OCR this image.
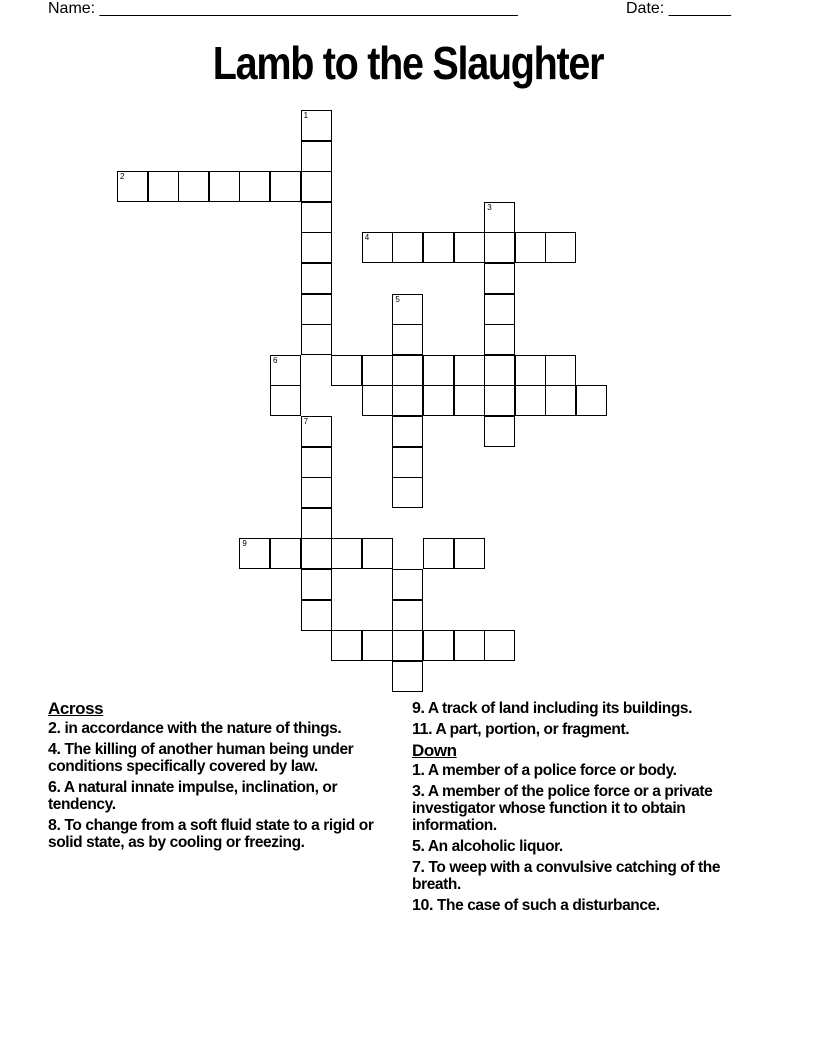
Name: _______________________________________________	Date: _______
Lamb to the Slaughter
1
2
3
4
5
6
7
9
Across
2. in accordance with the nature of things.
4. The killing of another human being under conditions specifically covered by law.
6. A natural innate impulse, inclination, or tendency.
8. To change from a soft fluid state to a rigid or solid state, as by cooling or freezing.
9. A track of land including its buildings.
11. A part, portion, or fragment.
Down
1. A member of a police force or body.
3. A member of the police force or a private investigator whose function it to obtain information.
5. An alcoholic liquor.
7. To weep with a convulsive catching of the breath.
10. The case of such a disturbance.
